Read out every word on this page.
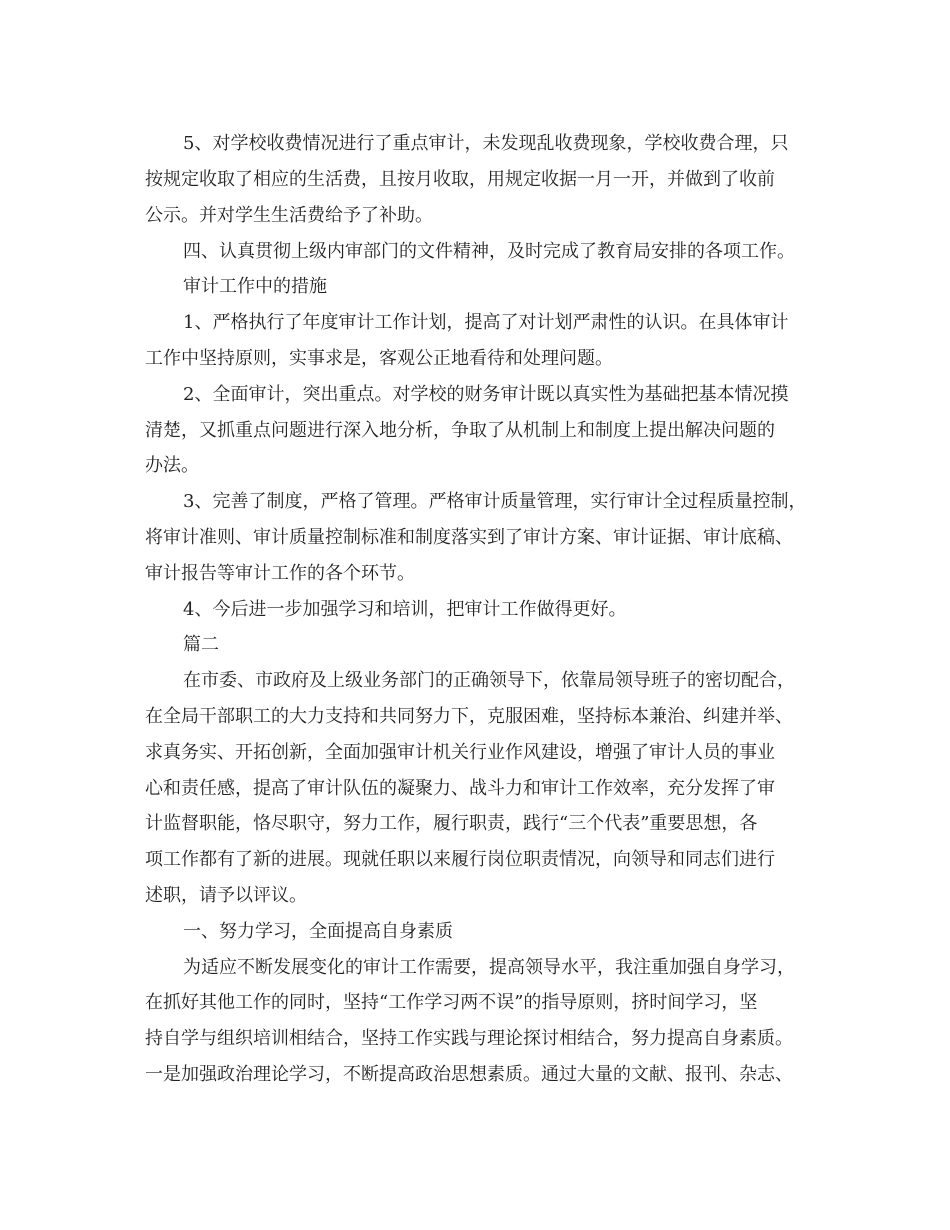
5、对学校收费情况进行了重点审计，未发现乱收费现象，学校收费合理，只
按规定收取了相应的生活费，且按月收取，用规定收据一月一开，并做到了收前
公示。并对学生生活费给予了补助。
四、认真贯彻上级内审部门的文件精神，及时完成了教育局安排的各项工作。
审计工作中的措施
1、严格执行了年度审计工作计划，提高了对计划严肃性的认识。在具体审计
工作中坚持原则，实事求是，客观公正地看待和处理问题。
2、全面审计，突出重点。对学校的财务审计既以真实性为基础把基本情况摸
清楚，又抓重点问题进行深入地分析，争取了从机制上和制度上提出解决问题的
办法。
3、完善了制度，严格了管理。严格审计质量管理，实行审计全过程质量控制，
将审计准则、审计质量控制标准和制度落实到了审计方案、审计证据、审计底稿、
审计报告等审计工作的各个环节。
4、今后进一步加强学习和培训，把审计工作做得更好。
篇二
在市委、市政府及上级业务部门的正确领导下，依靠局领导班子的密切配合，
在全局干部职工的大力支持和共同努力下，克服困难，坚持标本兼治、纠建并举、
求真务实、开拓创新，全面加强审计机关行业作风建设，增强了审计人员的事业
心和责任感，提高了审计队伍的凝聚力、战斗力和审计工作效率，充分发挥了审
计监督职能，恪尽职守，努力工作，履行职责，践行“三个代表”重要思想，各
项工作都有了新的进展。现就任职以来履行岗位职责情况，向领导和同志们进行
述职，请予以评议。
一、努力学习，全面提高自身素质
为适应不断发展变化的审计工作需要，提高领导水平，我注重加强自身学习，
在抓好其他工作的同时，坚持“工作学习两不误”的指导原则，挤时间学习，坚
持自学与组织培训相结合，坚持工作实践与理论探讨相结合，努力提高自身素质。
一是加强政治理论学习，不断提高政治思想素质。通过大量的文献、报刊、杂志、
